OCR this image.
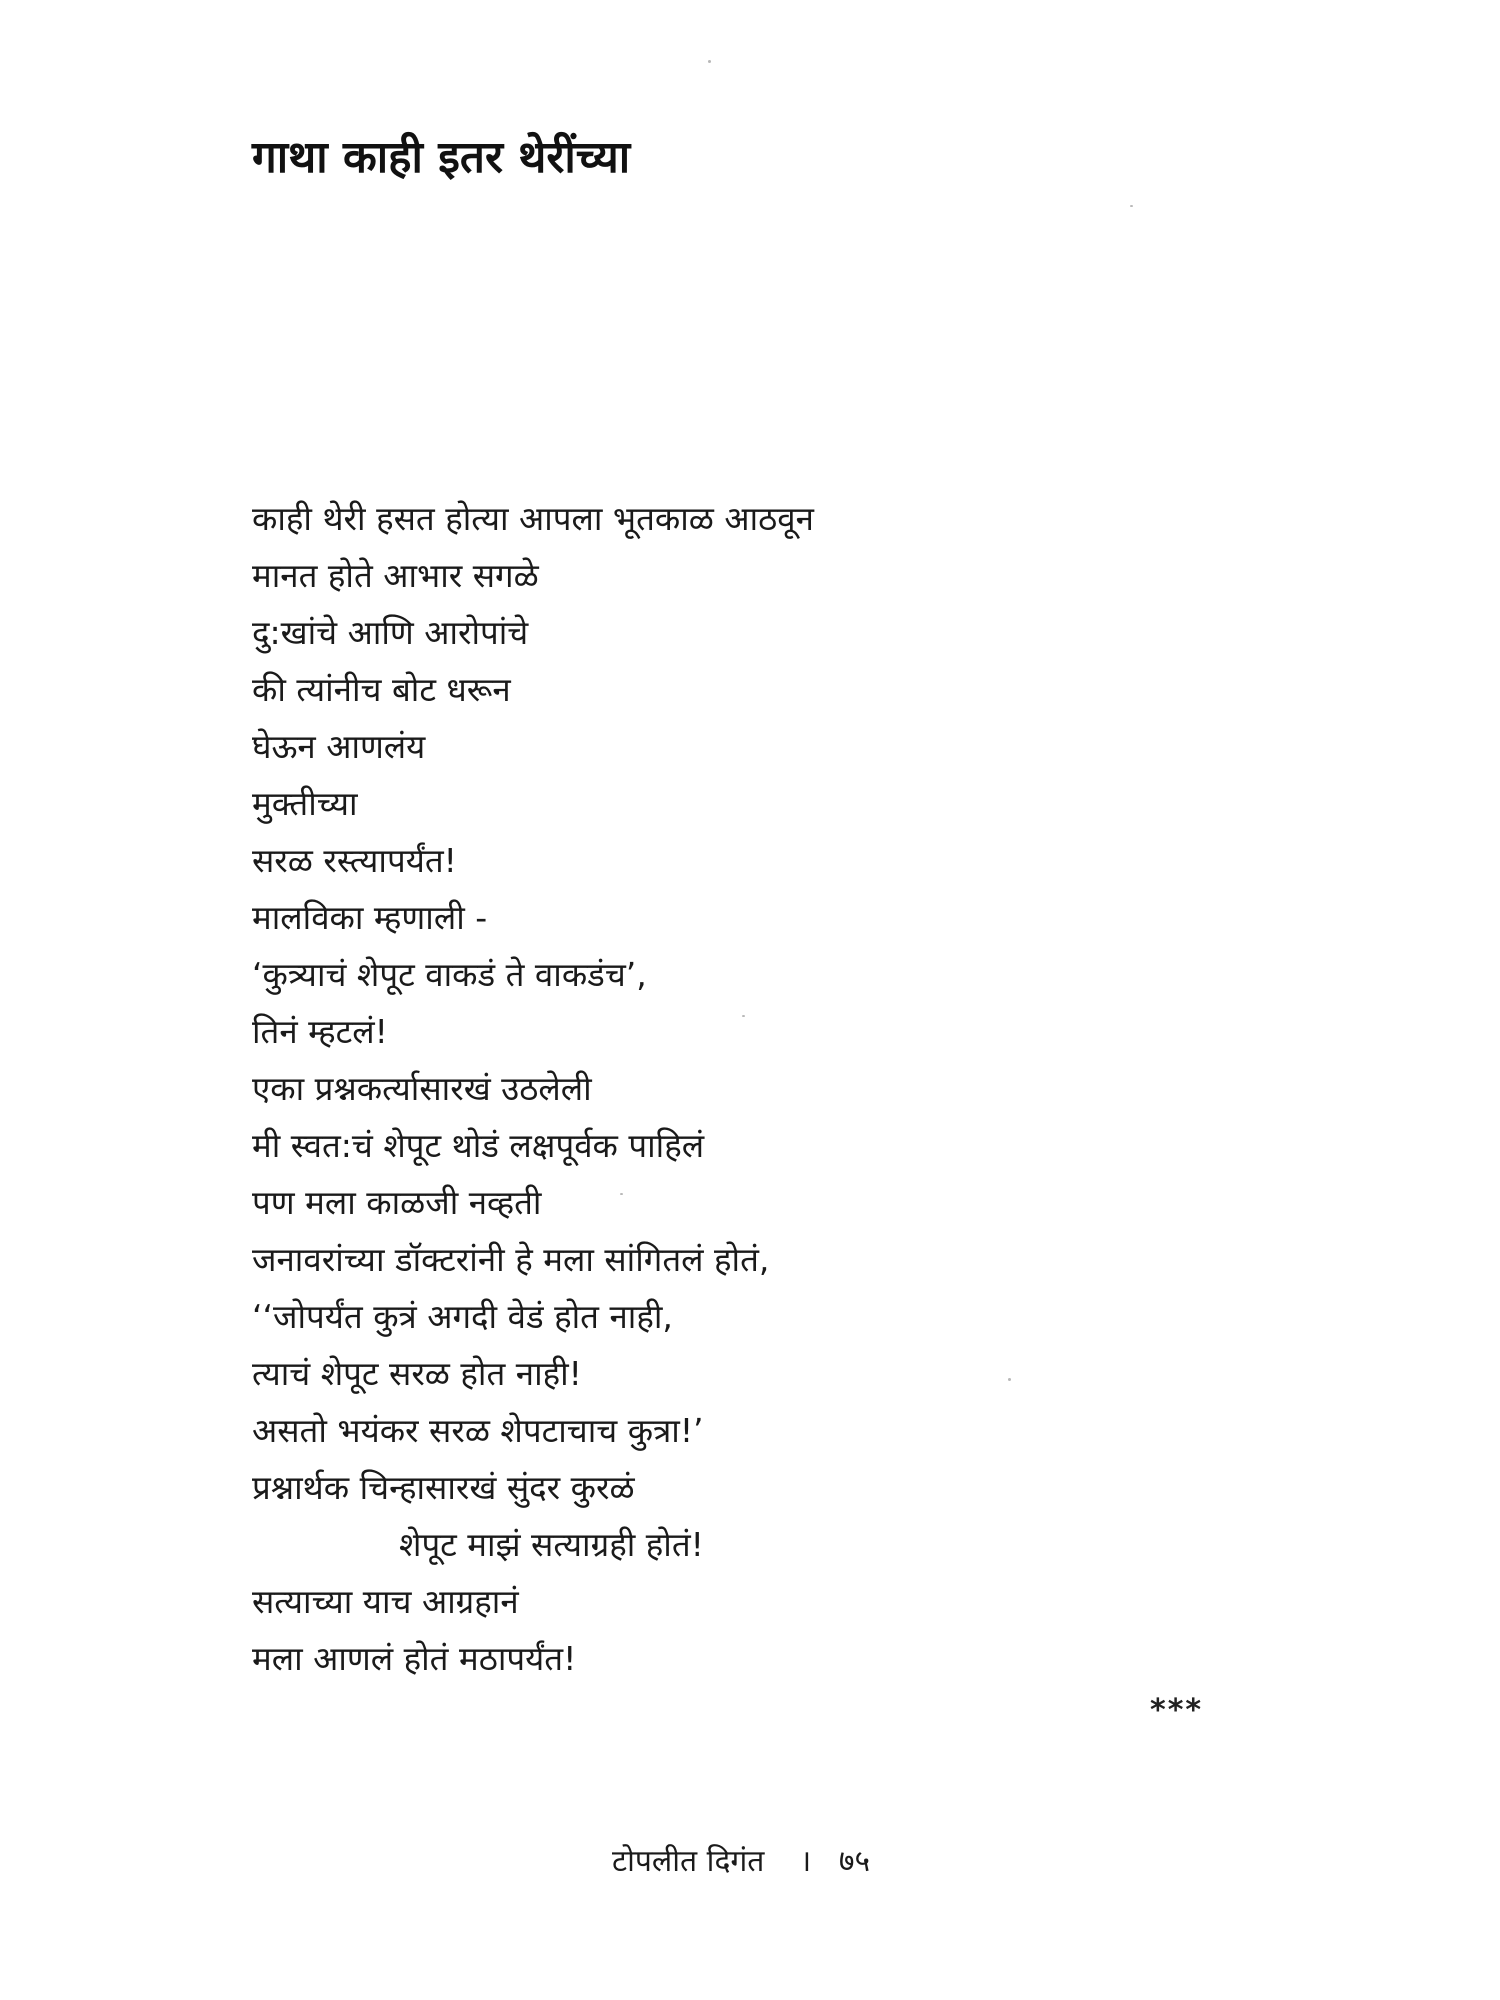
गाथा काही इतर थेरींच्या
काही थेरी हसत होत्या आपला भूतकाळ आठवून
मानत होते आभार सगळे
दु:खांचे आणि आरोपांचे
की त्यांनीच बोट धरून
घेऊन आणलंय
मुक्तीच्या
सरळ रस्त्यापर्यंत!
मालविका म्हणाली -
‘कुत्र्याचं शेपूट वाकडं ते वाकडंच’,
तिनं म्हटलं!
एका प्रश्नकर्त्यासारखं उठलेली
मी स्वत:चं शेपूट थोडं लक्षपूर्वक पाहिलं
पण मला काळजी नव्हती
जनावरांच्या डॉक्टरांनी हे मला सांगितलं होतं,
‘‘जोपर्यंत कुत्रं अगदी वेडं होत नाही,
त्याचं शेपूट सरळ होत नाही!
असतो भयंकर सरळ शेपटाचाच कुत्रा!’
प्रश्नार्थक चिन्हासारखं सुंदर कुरळं
शेपूट माझं सत्याग्रही होतं!
सत्याच्या याच आग्रहानं
मला आणलं होतं मठापर्यंत!
***
टोपलीत दिगंत । ७५
